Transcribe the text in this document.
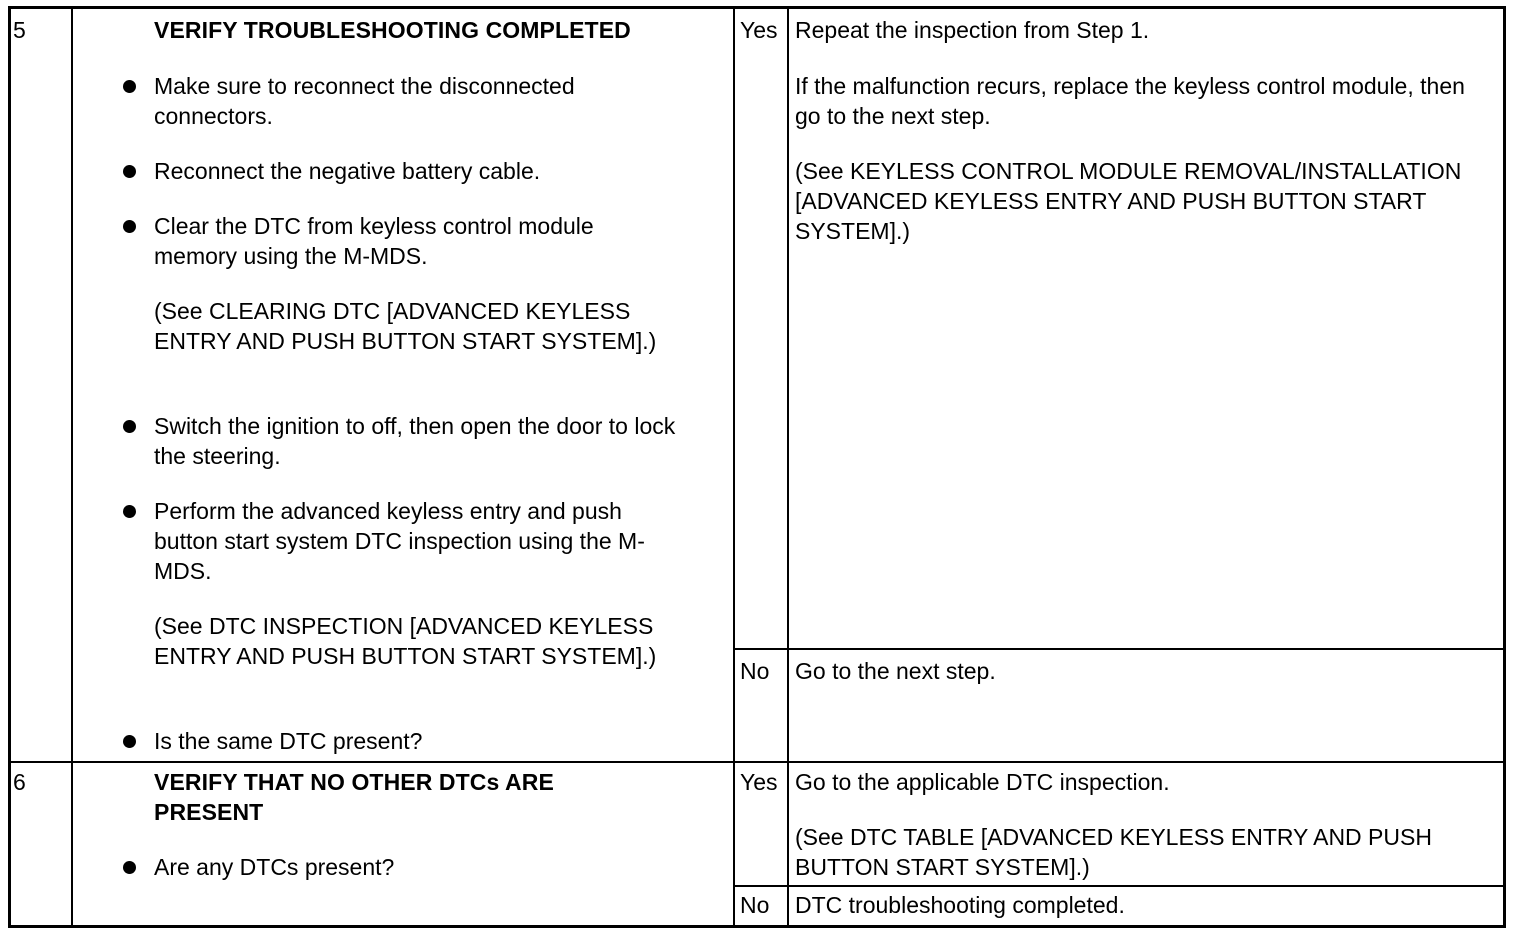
5	VERIFY TROUBLESHOOTING COMPLETED
Make sure to reconnect the disconnected connectors.
Reconnect the negative battery cable.
Clear the DTC from keyless control module memory using the M-MDS.
(See CLEARING DTC [ADVANCED KEYLESS ENTRY AND PUSH BUTTON START SYSTEM].)
Switch the ignition to off, then open the door to lock the steering.
Perform the advanced keyless entry and push button start system DTC inspection using the M-MDS.
(See DTC INSPECTION [ADVANCED KEYLESS ENTRY AND PUSH BUTTON START SYSTEM].)
Is the same DTC present?
Yes Repeat the inspection from Step 1.
If the malfunction recurs, replace the keyless control module, then go to the next step.
(See KEYLESS CONTROL MODULE REMOVAL/INSTALLATION [ADVANCED KEYLESS ENTRY AND PUSH BUTTON START SYSTEM].)
No Go to the next step.
6	VERIFY THAT NO OTHER DTCs ARE PRESENT
Are any DTCs present?
Yes Go to the applicable DTC inspection.
(See DTC TABLE [ADVANCED KEYLESS ENTRY AND PUSH BUTTON START SYSTEM].)
No DTC troubleshooting completed.
